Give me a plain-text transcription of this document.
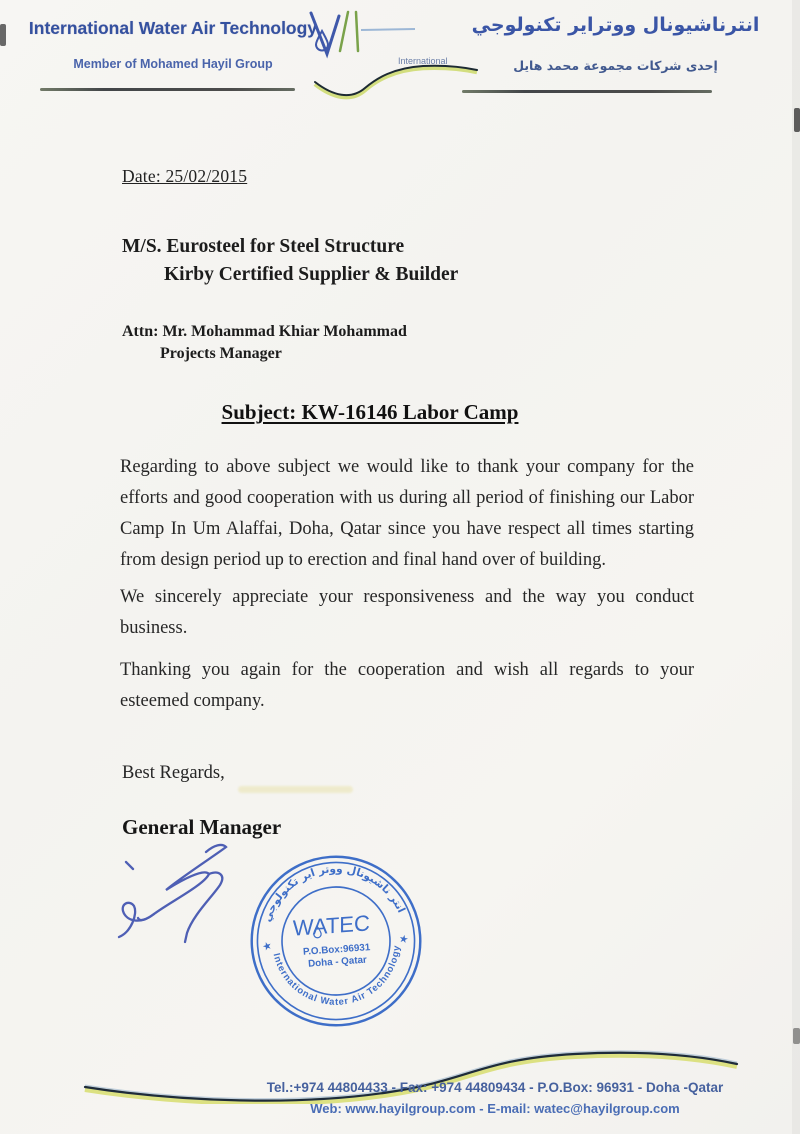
International Water Air Technology
Member of Mohamed Hayil Group	International
انترناشيونال ووتراير تكنولوجي
إحدى شركات مجموعة محمد هايل
Date: 25/02/2015
M/S. Eurosteel for Steel Structure
Kirby Certified Supplier & Builder
Attn: Mr. Mohammad Khiar Mohammad
Projects Manager
Subject: KW-16146 Labor Camp

Regarding to above subject we would like to thank your company for the efforts and good cooperation with us during all period of finishing our Labor Camp In Um Alaffai, Doha, Qatar since you have respect all times starting from design period up to erection and final hand over of building.

We sincerely appreciate your responsiveness and the way you conduct business.

Thanking you again for the cooperation and wish all regards to your esteemed company.

Best Regards,
General Manager
انتر ناشيونال ووتر اير تكنولوجي
International Water Air Technology
★
★
WATEC
P.O.Box:96931
Doha - Qatar
Tel.:+974 44804433 - Fax: +974 44809434 - P.O.Box: 96931 - Doha -Qatar
Web: www.hayilgroup.com - E-mail: watec@hayilgroup.com
